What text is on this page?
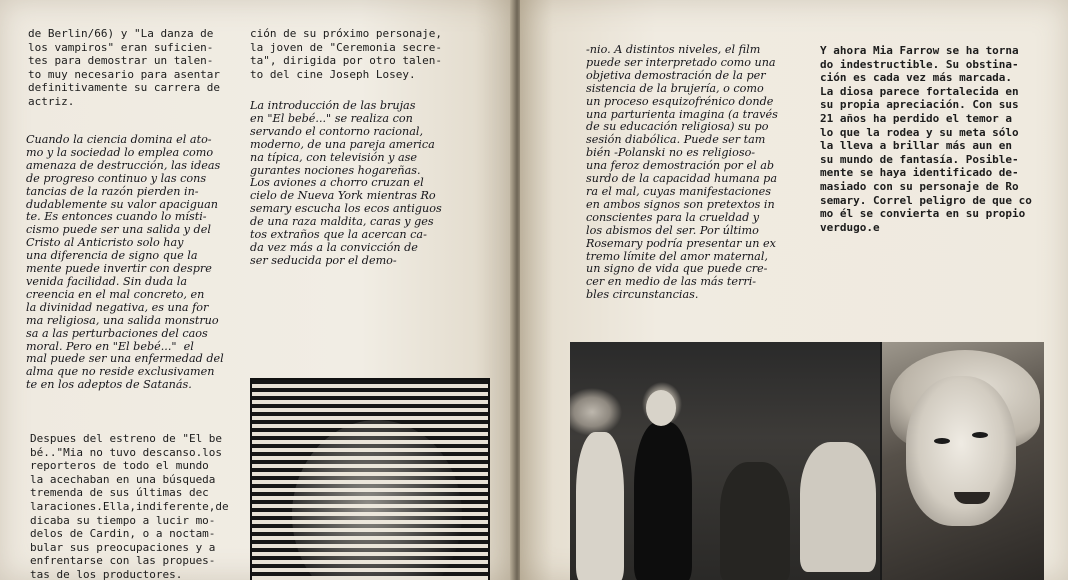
de Berlin/66) y "La danza de
los vampiros" eran suficien-
tes para demostrar un talen-
to muy necesario para asentar
definitivamente su carrera de
actriz.
Cuando la ciencia domina el ato-
mo y la sociedad lo emplea como
amenaza de destrucción, las ideas
de progreso continuo y las cons
tancias de la razón pierden in-
dudablemente su valor apaciguan
te. Es entonces cuando lo místi-
cismo puede ser una salida y del
Cristo al Anticristo solo hay
una diferencia de signo que la
mente puede invertir con despre
venida facilidad. Sin duda la
creencia en el mal concreto, en
la divinidad negativa, es una for
ma religiosa, una salida monstruo
sa a las perturbaciones del caos
moral. Pero en "El bebé..."  el
mal puede ser una enfermedad del
alma que no reside exclusivamen
te en los adeptos de Satanás.
Despues del estreno de "El be
bé.."Mia no tuvo descanso.los
reporteros de todo el mundo
la acechaban en una búsqueda
tremenda de sus últimas dec
laraciones.Ella,indiferente,de
dicaba su tiempo a lucir mo-
delos de Cardin, o a noctam-
bular sus preocupaciones y a
enfrentarse con las propues-
tas de los productores.
ción de su próximo personaje,
la joven de "Ceremonia secre-
ta", dirigida por otro talen-
to del cine Joseph Losey.
La introducción de las brujas
en "El bebé..." se realiza con
servando el contorno racional,
moderno, de una pareja america
na típica, con televisión y ase
gurantes nociones hogareñas.
Los aviones a chorro cruzan el
cielo de Nueva York mientras Ro
semary escucha los ecos antiguos
de una raza maldita, caras y ges
tos extraños que la acercan ca-
da vez más a la convicción de
ser seducida por el demo-
-nio. A distintos niveles, el film
puede ser interpretado como una
objetiva demostración de la per
sistencia de la brujería, o como
un proceso esquizofrénico donde
una parturienta imagina (a través
de su educación religiosa) su po
sesión diabólica. Puede ser tam
bién -Polanski no es religioso-
una feroz demostración por el ab
surdo de la capacidad humana pa
ra el mal, cuyas manifestaciones
en ambos signos son pretextos in
conscientes para la crueldad y
los abismos del ser. Por último
Rosemary podría presentar un ex
tremo límite del amor maternal,
un signo de vida que puede cre-
cer en medio de las más terri-
bles circunstancias.
Y ahora Mia Farrow se ha torna
do indestructible. Su obstina-
ción es cada vez más marcada.
La diosa parece fortalecida en
su propia apreciación. Con sus
21 años ha perdido el temor a
lo que la rodea y su meta sólo
la lleva a brillar más aun en
su mundo de fantasía. Posible-
mente se haya identificado de-
masiado con su personaje de Ro
semary. Correl peligro de que co
mo él se convierta en su propio
verdugo.e
